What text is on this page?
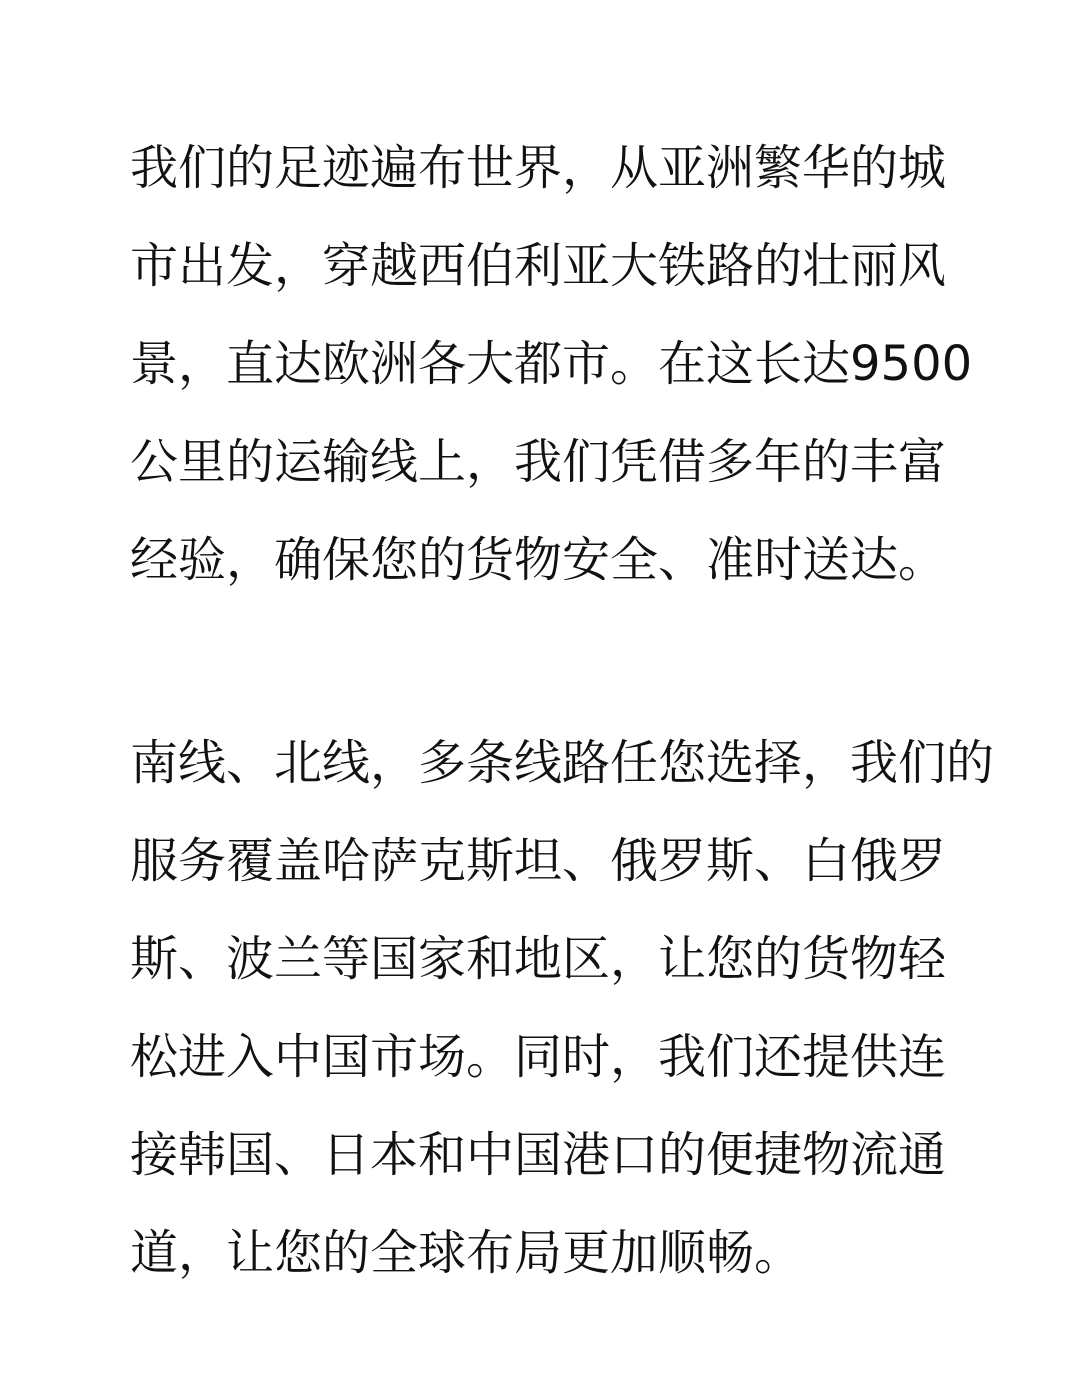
我们的足迹遍布世界，从亚洲繁华的城
市出发，穿越西伯利亚大铁路的壮丽风
景，直达欧洲各大都市。在这长达9500
公里的运输线上，我们凭借多年的丰富
经验，确保您的货物安全、准时送达。
南线、北线，多条线路任您选择，我们的
服务覆盖哈萨克斯坦、俄罗斯、白俄罗
斯、波兰等国家和地区，让您的货物轻
松进入中国市场。同时，我们还提供连
接韩国、日本和中国港口的便捷物流通
道，让您的全球布局更加顺畅。
